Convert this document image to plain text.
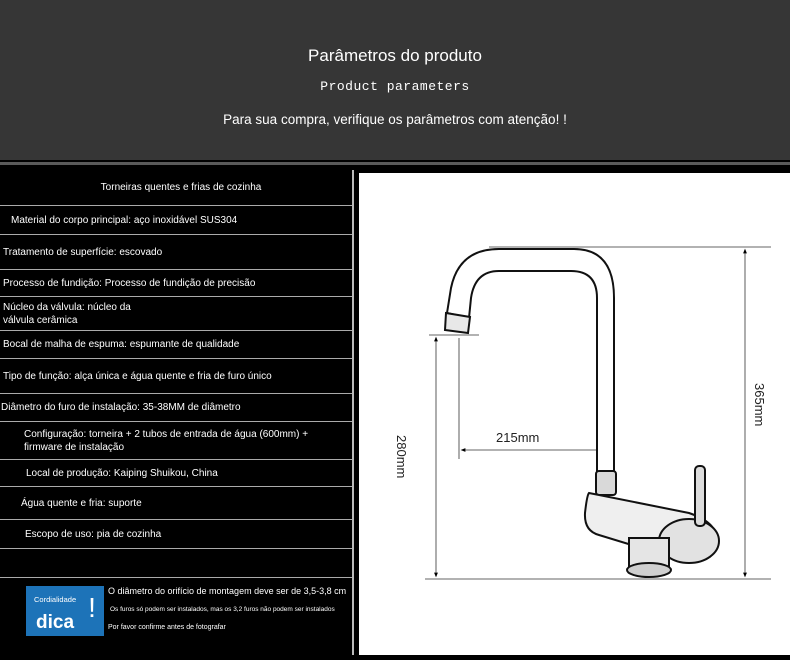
Parâmetros do produto
Product parameters
Para sua compra, verifique os parâmetros com atenção! !
Torneiras quentes e frias de cozinha
Material do corpo principal: aço inoxidável SUS304
Tratamento de superfície: escovado
Processo de fundição: Processo de fundição de precisão
Núcleo da válvula: núcleo da válvula cerâmica
Bocal de malha de espuma: espumante de qualidade
Tipo de função: alça única e água quente e fria de furo único
Diâmetro do furo de instalação: 35-38MM de diâmetro
Configuração: torneira + 2 tubos de entrada de água (600mm) + firmware de instalação
Local de produção: Kaiping Shuikou, China
Água quente e fria: suporte
Escopo de uso: pia de cozinha
Cordialidade
dica !
O diâmetro do orifício de montagem deve ser de 3,5-3,8 cm
Os furos só podem ser instalados, mas os 3,2 furos não podem ser instalados
Por favor confirme antes de fotografar
280mm
365mm
215mm
